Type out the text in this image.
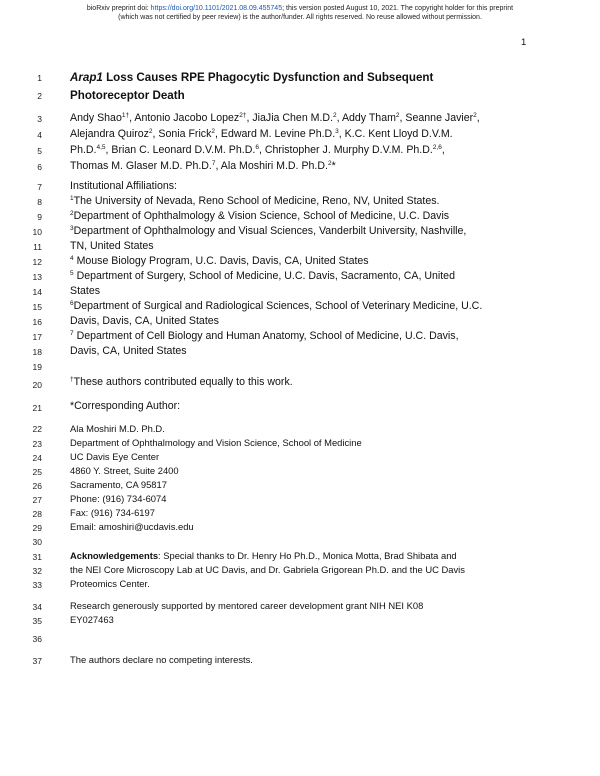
bioRxiv preprint doi: https://doi.org/10.1101/2021.08.09.455745; this version posted August 10, 2021. The copyright holder for this preprint
(which was not certified by peer review) is the author/funder. All rights reserved. No reuse allowed without permission.
1
1
2
3
4
5
6
7
8
9
10
11
12
13
14
15
16
17
18
19
20
21
22
23
24
25
26
27
28
29
30
31
32
33
34
35
36
37
Arap1 Loss Causes RPE Phagocytic Dysfunction and Subsequent
Photoreceptor Death
Andy Shao$^{1\dagger}$, Antonio Jacobo Lopez$^{2\dagger}$, JiaJia Chen M.D.$^2$, Addy Tham$^2$, Seanne Javier$^2$,
Alejandra Quiroz$^2$, Sonia Frick$^2$, Edward M. Levine Ph.D.$^3$, K.C. Kent Lloyd D.V.M.
Ph.D.$^{4,5}$, Brian C. Leonard D.V.M. Ph.D.$^6$, Christopher J. Murphy D.V.M. Ph.D.$^{2,6}$,
Thomas M. Glaser M.D. Ph.D.$^7$, Ala Moshiri M.D. Ph.D.$^2$*
Institutional Affiliations:
$^1$The University of Nevada, Reno School of Medicine, Reno, NV, United States.
$^2$Department of Ophthalmology & Vision Science, School of Medicine, U.C. Davis
$^3$Department of Ophthalmology and Visual Sciences, Vanderbilt University, Nashville,
TN, United States
$^4$ Mouse Biology Program, U.C. Davis, Davis, CA, United States
$^5$ Department of Surgery, School of Medicine, U.C. Davis, Sacramento, CA, United
States
$^6$Department of Surgical and Radiological Sciences, School of Veterinary Medicine, U.C.
Davis, Davis, CA, United States
$^7$ Department of Cell Biology and Human Anatomy, School of Medicine, U.C. Davis,
Davis, CA, United States
†These authors contributed equally to this work.
*Corresponding Author:
Ala Moshiri M.D. Ph.D.
Department of Ophthalmology and Vision Science, School of Medicine
UC Davis Eye Center
4860 Y. Street, Suite 2400
Sacramento, CA 95817
Phone: (916) 734-6074
Fax: (916) 734-6197
Email: amoshiri@ucdavis.edu
Acknowledgements: Special thanks to Dr. Henry Ho Ph.D., Monica Motta, Brad Shibata and
the NEI Core Microscopy Lab at UC Davis, and Dr. Gabriela Grigorean Ph.D. and the UC Davis
Proteomics Center.
Research generously supported by mentored career development grant NIH NEI K08
EY027463
The authors declare no competing interests.
